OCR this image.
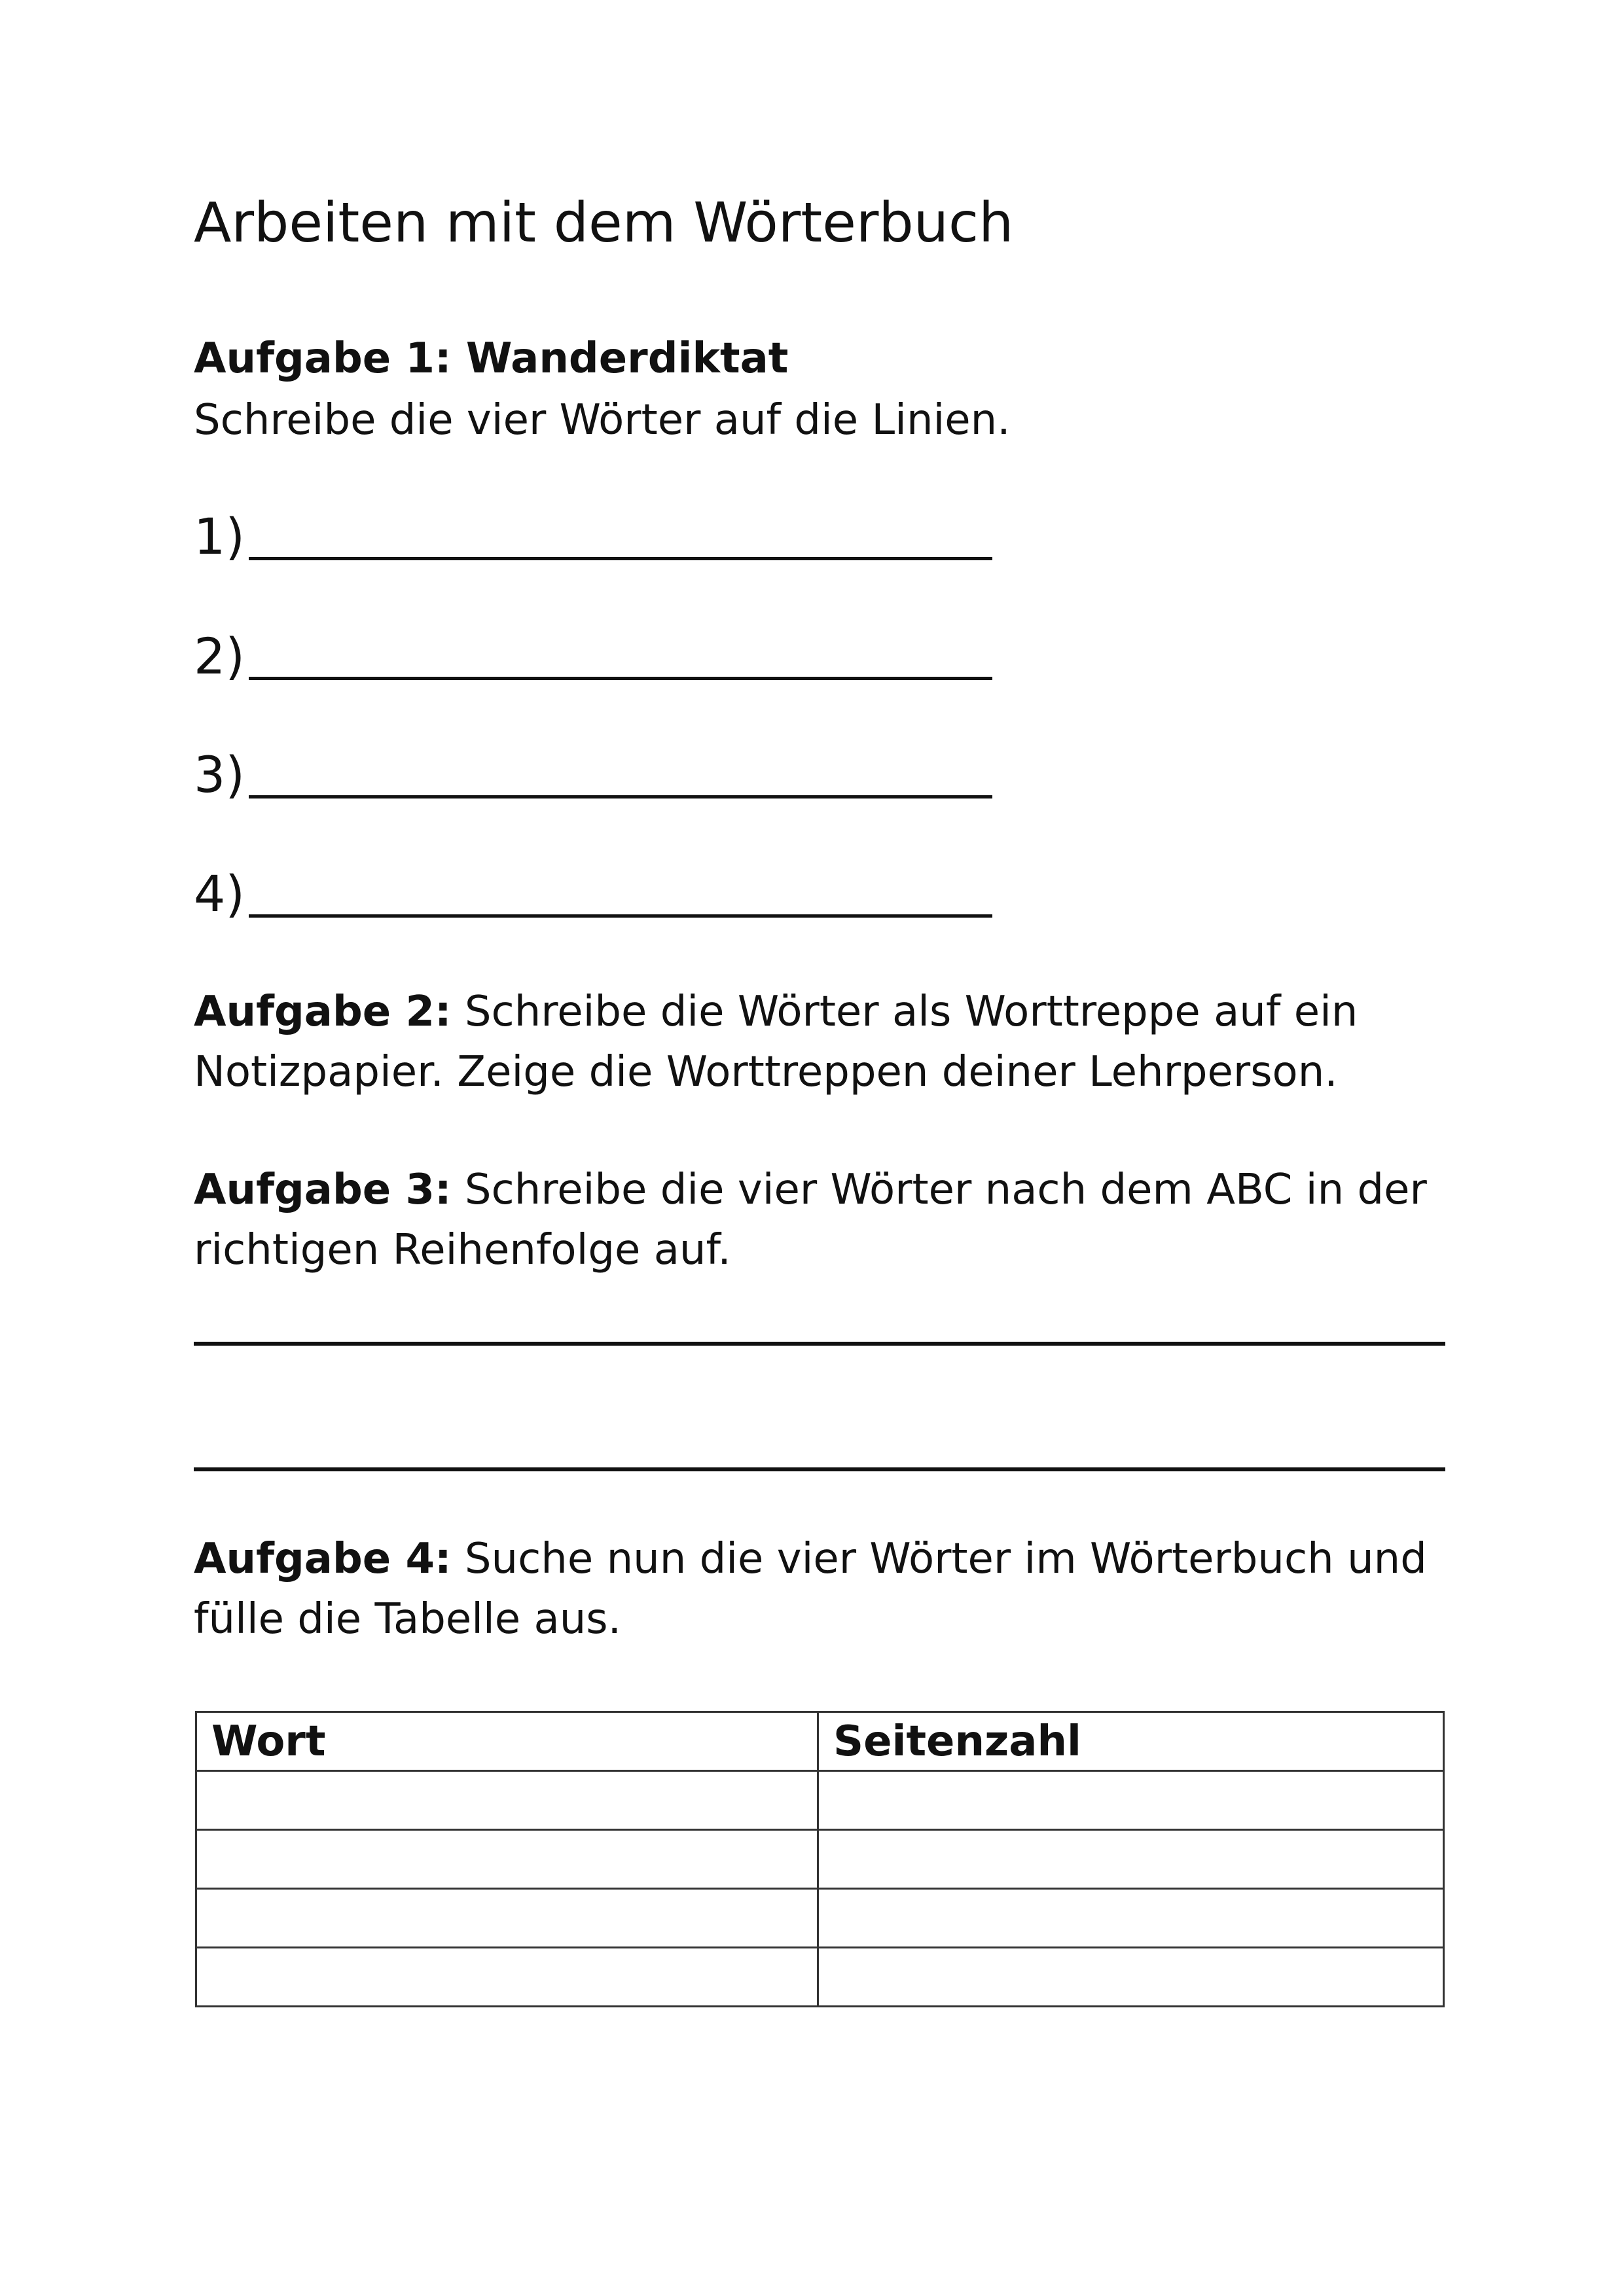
Arbeiten mit dem Wörterbuch
Aufgabe 1: Wanderdiktat
Schreibe die vier Wörter auf die Linien.
1)
2)
3)
4)
Aufgabe 2: Schreibe die Wörter als Worttreppe auf ein
Notizpapier. Zeige die Worttreppen deiner Lehrperson.
Aufgabe 3: Schreibe die vier Wörter nach dem ABC in der
richtigen Reihenfolge auf.
Aufgabe 4: Suche nun die vier Wörter im Wörterbuch und
fülle die Tabelle aus.
Wort	Seitenzahl
